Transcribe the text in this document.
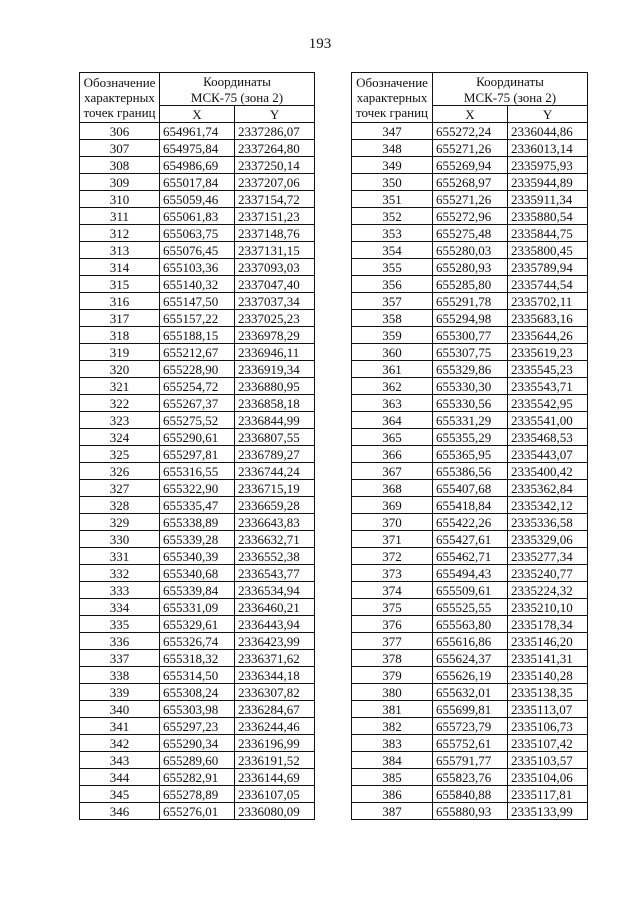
193
Обозначение
характерных
точек границ	Координаты	
	МСК-75 (зона 2)	
	X	Y
306	654961,74	2337286,07
307	654975,84	2337264,80
308	654986,69	2337250,14
309	655017,84	2337207,06
310	655059,46	2337154,72
311	655061,83	2337151,23
312	655063,75	2337148,76
313	655076,45	2337131,15
314	655103,36	2337093,03
315	655140,32	2337047,40
316	655147,50	2337037,34
317	655157,22	2337025,23
318	655188,15	2336978,29
319	655212,67	2336946,11
320	655228,90	2336919,34
321	655254,72	2336880,95
322	655267,37	2336858,18
323	655275,52	2336844,99
324	655290,61	2336807,55
325	655297,81	2336789,27
326	655316,55	2336744,24
327	655322,90	2336715,19
328	655335,47	2336659,28
329	655338,89	2336643,83
330	655339,28	2336632,71
331	655340,39	2336552,38
332	655340,68	2336543,77
333	655339,84	2336534,94
334	655331,09	2336460,21
335	655329,61	2336443,94
336	655326,74	2336423,99
337	655318,32	2336371,62
338	655314,50	2336344,18
339	655308,24	2336307,82
340	655303,98	2336284,67
341	655297,23	2336244,46
342	655290,34	2336196,99
343	655289,60	2336191,52
344	655282,91	2336144,69
345	655278,89	2336107,05
346	655276,01	2336080,09
Обозначение
характерных
точек границ	Координаты	
	МСК-75 (зона 2)	
	X	Y
347	655272,24	2336044,86
348	655271,26	2336013,14
349	655269,94	2335975,93
350	655268,97	2335944,89
351	655271,26	2335911,34
352	655272,96	2335880,54
353	655275,48	2335844,75
354	655280,03	2335800,45
355	655280,93	2335789,94
356	655285,80	2335744,54
357	655291,78	2335702,11
358	655294,98	2335683,16
359	655300,77	2335644,26
360	655307,75	2335619,23
361	655329,86	2335545,23
362	655330,30	2335543,71
363	655330,56	2335542,95
364	655331,29	2335541,00
365	655355,29	2335468,53
366	655365,95	2335443,07
367	655386,56	2335400,42
368	655407,68	2335362,84
369	655418,84	2335342,12
370	655422,26	2335336,58
371	655427,61	2335329,06
372	655462,71	2335277,34
373	655494,43	2335240,77
374	655509,61	2335224,32
375	655525,55	2335210,10
376	655563,80	2335178,34
377	655616,86	2335146,20
378	655624,37	2335141,31
379	655626,19	2335140,28
380	655632,01	2335138,35
381	655699,81	2335113,07
382	655723,79	2335106,73
383	655752,61	2335107,42
384	655791,77	2335103,57
385	655823,76	2335104,06
386	655840,88	2335117,81
387	655880,93	2335133,99
